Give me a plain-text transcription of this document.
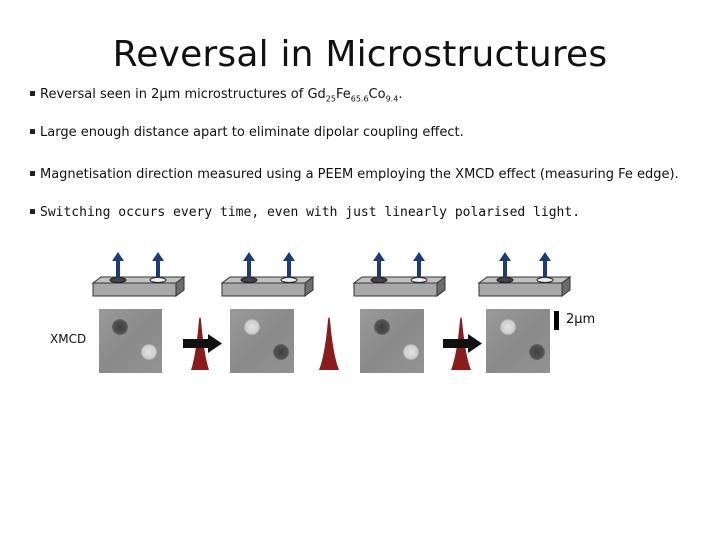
Reversal in Microstructures
Reversal seen in 2μm microstructures of $Gd_{25}Fe_{65.6}Co_{9.4}$.
Large enough distance apart to eliminate dipolar coupling effect.
Magnetisation direction measured using a PEEM employing the XMCD effect (measuring Fe edge).
Switching occurs every time, even with just linearly polarised light.
XMCD
2μm
